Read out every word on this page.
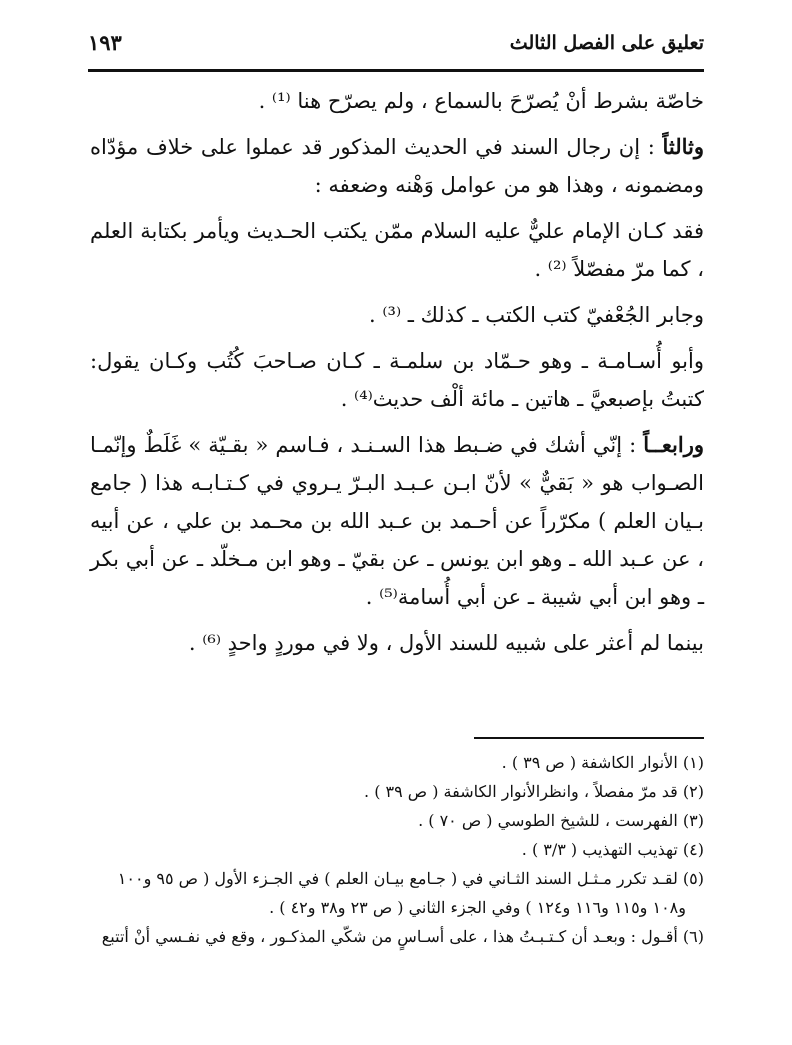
تعليق على الفصل الثالث
١٩٣

خاصّة بشرط أنْ يُصرّحَ بالسماع ، ولم يصرّح هنا ⁽¹⁾ .

وثالثاً : إن رجال السند في الحديث المذكور قد عملوا على خلاف مؤدّاه ومضمونه ، وهذا هو من عوامل وَهْنه وضعفه :

فقد كـان الإمام عليٌّ عليه السلام ممّن يكتب الحـديث ويأمر بكتابة العلم ، كما مرّ مفصّلاً ⁽²⁾ .

وجابر الجُعْفيّ كتب الكتب ـ كذلك ـ ⁽³⁾ .

وأبو أُسـامـة ـ وهو حـمّاد بن سلمـة ـ كـان صـاحبَ كُتُب وكـان يقول: كتبتُ بإصبعيَّ ـ هاتين ـ مائة ألْف حديث⁽⁴⁾ .

ورابعــاً : إنّي أشك في ضـبط هذا السـنـد ، فـاسم « بقـيّة » غَلَطٌ وإنّمـا الصـواب هو « بَقيٌّ » لأنّ ابـن عـبـد البـرّ يـروي في كـتـابـه هذا ( جامع بـيان العلم ) مكرّراً عن أحـمد بن عـبد الله بن محـمد بن علي ، عن أبيه ، عن عـبد الله ـ وهو ابن يونس ـ عن بقيّ ـ وهو ابن مـخلّد ـ عن أبي بكر ـ وهو ابن أبي شيبة ـ عن أبي أُسامة⁽⁵⁾ .

بينما لم أعثر على شبيه للسند الأول ، ولا في موردٍ واحدٍ ⁽⁶⁾ .

(١) الأنوار الكاشفة ( ص ٣٩ ) .
(٢) قد مرّ مفصلاً ، وانظرالأنوار الكاشفة ( ص ٣٩ ) .
(٣) الفهرست ، للشيخ الطوسي ( ص ٧٠ ) .
(٤) تهذيب التهذيب ( ٣/٣ ) .
(٥) لقـد تكرر مـثـل السند الثـاني في ( جـامع بيـان العلم ) في الجـزء الأول ( ص ٩٥ و١٠٠
و١٠٨ و١١٥ و١١٦ و١٢٤ ) وفي الجزء الثاني ( ص ٢٣ و٣٨ و٤٢ ) .
(٦) أقـول : وبعـد أن كـتـبـتُ هذا ، على أسـاسٍ من شكّي المذكـور ، وقع في نفـسي أنْ أتتبع
